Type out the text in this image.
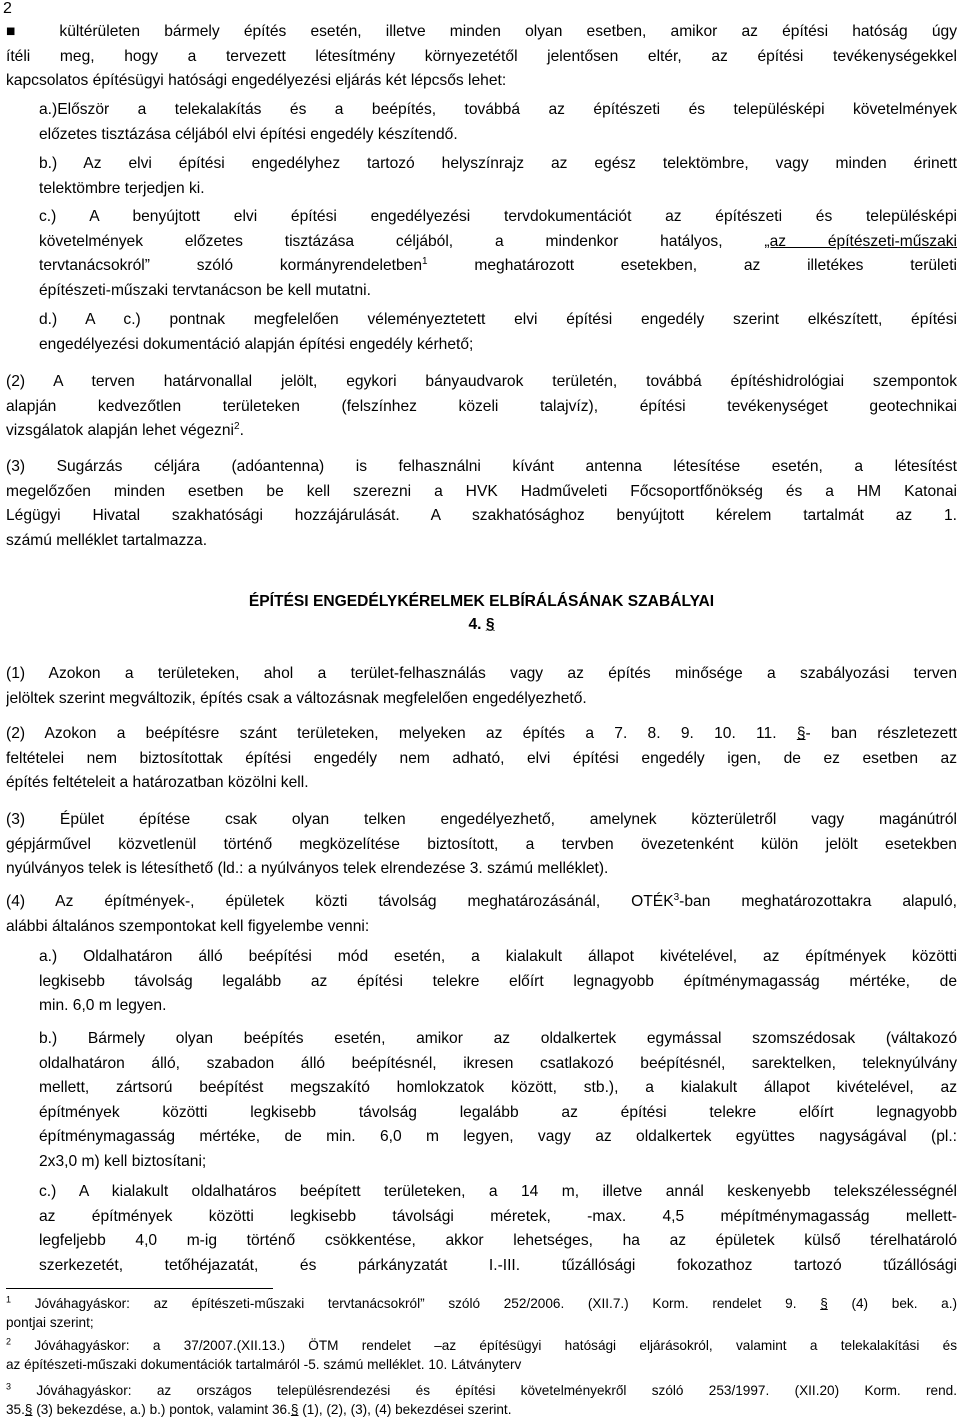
2
■ kültérületen bármely építés esetén, illetve minden olyan esetben, amikor az építési hatóság úgy
ítéli meg, hogy a tervezett létesítmény környezetétől jelentősen eltér, az építési tevékenységekkel
kapcsolatos építésügyi hatósági engedélyezési eljárás két lépcsős lehet:
a.)Először a telekalakítás és a beépítés, továbbá az építészeti és településképi követelmények
előzetes tisztázása céljából elvi építési engedély készítendő.
b.) Az elvi építési engedélyhez tartozó helyszínrajz az egész telektömbre, vagy minden érinett
telektömbre terjedjen ki.
c.) A benyújtott elvi építési engedélyezési tervdokumentációt az építészeti és településképi
követelmények előzetes tisztázása céljából, a mindenkor hatályos,	„az építészeti-műszaki
tervtanácsokról” szóló kormányrendeletben$^1$	meghatározott esetekben, az illetékes területi
építészeti-műszaki tervtanácson be kell mutatni.
d.) A c.) pontnak megfelelően véleményeztetett elvi építési engedély szerint elkészített, építési
engedélyezési dokumentáció alapján építési engedély kérhető;
(2) A terven határvonallal jelölt, egykori bányaudvarok területén, továbbá építéshidrológiai szempontok
alapján kedvezőtlen területeken (felszínhez közeli talajvíz), építési tevékenységet geotechnikai
vizsgálatok alapján lehet végezni$^2$.
(3) Sugárzás céljára (adóantenna) is felhasználni kívánt antenna létesítése esetén, a létesítést
megelőzően minden esetben be kell szerezni a HVK Hadműveleti Főcsoportfőnökség és a HM Katonai
Légügyi Hivatal szakhatósági hozzájárulását. A szakhatósághoz benyújtott kérelem tartalmát az 1.
számú melléklet tartalmazza.
ÉPÍTÉSI ENGEDÉLYKÉRELMEK ELBÍRÁLÁSÁNAK SZABÁLYAI
4. §
(1) Azokon a területeken, ahol a terület-felhasználás vagy az építés minősége a szabályozási terven
jelöltek szerint megváltozik, építés csak a változásnak megfelelően engedélyezhető.
(2) Azokon a beépítésre szánt területeken, melyeken az építés a 7. 8. 9. 10. 11. §- ban részletezett
feltételei nem biztosítottak építési engedély nem adható, elvi építési engedély igen, de ez esetben az
építés feltételeit a határozatban közölni kell.
(3) Épület építése csak olyan telken engedélyezhető, amelynek közterületről vagy magánútról
gépjárművel közvetlenül történő megközelítése biztosított, a tervben övezetenként külön jelölt esetekben
nyúlványos telek is létesíthető (ld.: a nyúlványos telek elrendezése 3. számú melléklet).
(4) Az építmények-, épületek közti távolság meghatározásánál, OTÉK$^3$-ban meghatározottakra alapuló,
alábbi általános szempontokat kell figyelembe venni:
a.) Oldalhatáron álló beépítési mód esetén, a kialakult állapot kivételével, az építmények közötti
legkisebb távolság legalább az építési telekre előírt legnagyobb építménymagasság mértéke, de
min. 6,0 m legyen.
b.) Bármely olyan beépítés esetén, amikor az oldalkertek egymással szomszédosak (váltakozó
oldalhatáron álló, szabadon álló beépítésnél, ikresen csatlakozó beépítésnél, sarektelken, teleknyúlvány
mellett, zártsorú beépítést megszakító homlokzatok között, stb.), a kialakult állapot kivételével, az
építmények közötti legkisebb távolság legalább az építési telekre előírt legnagyobb
építménymagasság mértéke, de min. 6,0 m legyen, vagy az oldalkertek együttes nagyságával (pl.:
2x3,0 m) kell biztosítani;
c.) A kialakult oldalhatáros beépített területeken, a 14 m, illetve annál keskenyebb telekszélességnél
az építmények közötti legkisebb távolsági méretek, -max. 4,5 mépítménymagasság mellett-
legfeljebb 4,0 m-ig történő csökkentése, akkor lehetséges, ha az épületek külső térelhatároló
szerkezetét, tetőhéjazatát, és párkányzatát I.-III. tűzállósági fokozathoz tartozó tűzállósági
$^1$ Jóváhagyáskor: az építészeti-műszaki tervtanácsokról” szóló 252/2006. (XII.7.) Korm. rendelet 9. § (4) bek. a.)
pontjai szerint;
$^2$ Jóváhagyáskor: a 37/2007.(XII.13.) ÖTM rendelet –az építésügyi hatósági eljárásokról, valamint a telekalakítási és
az építészeti-műszaki dokumentációk tartalmáról -5. számú melléklet. 10. Látványterv
$^3$ Jóváhagyáskor: az országos településrendezési és építési követelményekről szóló 253/1997. (XII.20) Korm. rend.
35.§ (3) bekezdése, a.) b.) pontok, valamint 36.§ (1), (2), (3), (4) bekezdései szerint.
